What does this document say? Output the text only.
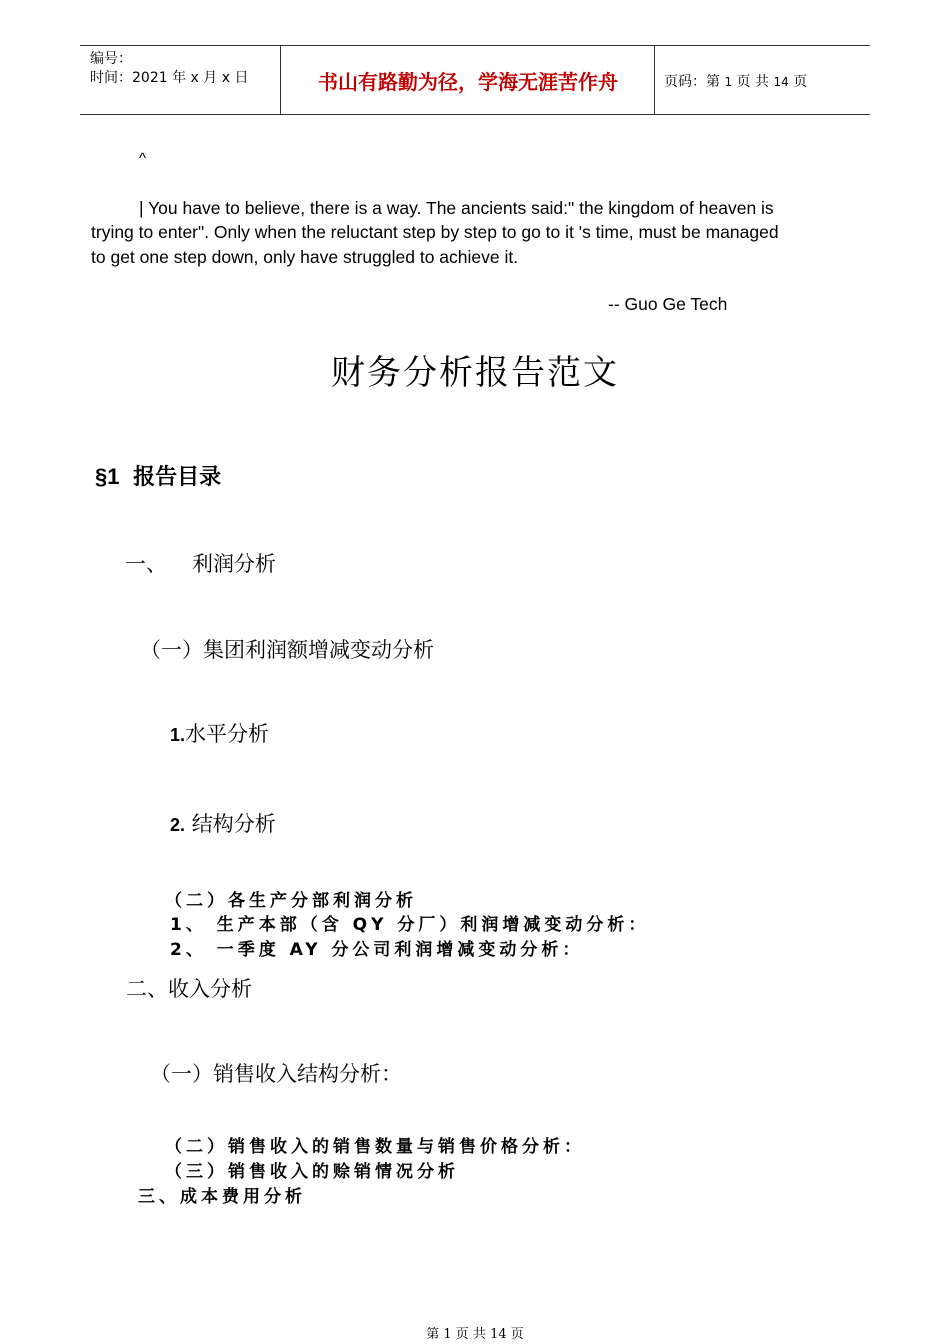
编号：
时间：2021 年 x 月 x 日	书山有路勤为径，学海无涯苦作舟	页码：第 1 页 共 14 页
^
| You have to believe, there is a way. The ancients said:" the kingdom of heaven is
trying to enter". Only when the reluctant step by step to go to it 's time, must be managed
to get one step down, only have struggled to achieve it.
-- Guo Ge Tech
财务分析报告范文
§1 报告目录
一、 利润分析
（一）集团利润额增减变动分析
1.水平分析
2. 结构分析
（二）各生产分部利润分析
1、 生产本部（含 QY 分厂）利润增减变动分析：
2、 一季度 AY 分公司利润增减变动分析：
二、收入分析
（一）销售收入结构分析：
（二）销售收入的销售数量与销售价格分析：
（三）销售收入的赊销情况分析
三、成本费用分析
第 1 页 共 14 页
